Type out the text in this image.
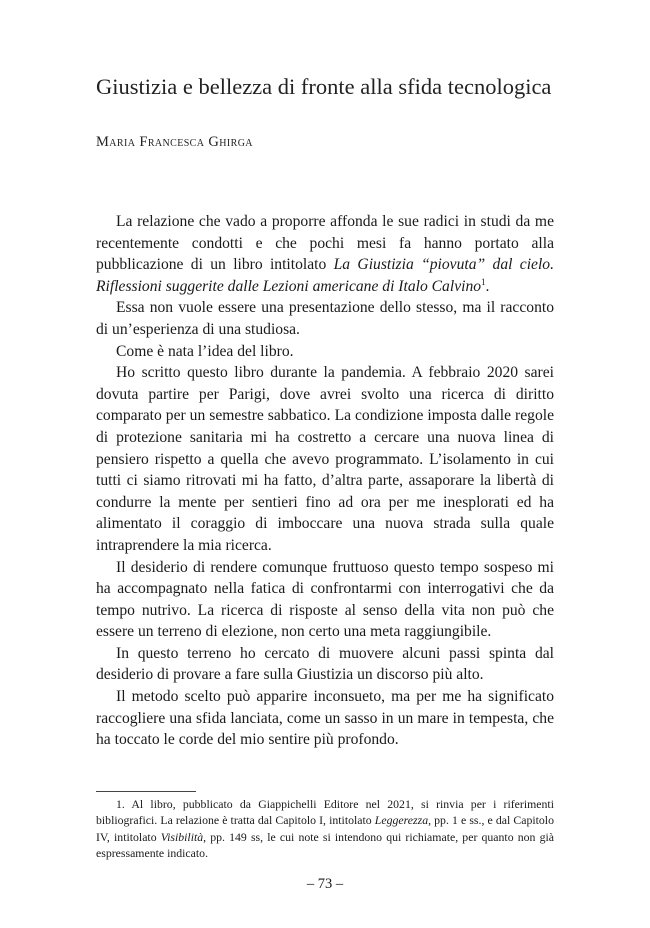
Giustizia e bellezza di fronte alla sfida tecnologica
Maria Francesca Ghirga

La relazione che vado a proporre affonda le sue radici in studi da me recentemente condotti e che pochi mesi fa hanno portato alla pubblicazione di un libro intitolato La Giustizia “piovuta” dal cielo. Riflessioni suggerite dalle Lezioni americane di Italo Calvino$^1$.

Essa non vuole essere una presentazione dello stesso, ma il racconto di un’esperienza di una studiosa.

Come è nata l’idea del libro.

Ho scritto questo libro durante la pandemia. A febbraio 2020 sarei dovuta partire per Parigi, dove avrei svolto una ricerca di diritto comparato per un semestre sabbatico. La condizione imposta dalle regole di protezione sanitaria mi ha costretto a cercare una nuova linea di pensiero rispetto a quella che avevo programmato. L’isolamento in cui tutti ci siamo ritrovati mi ha fatto, d’altra parte, assaporare la libertà di condurre la mente per sentieri fino ad ora per me inesplorati ed ha alimentato il coraggio di imboccare una nuova strada sulla quale intraprendere la mia ricerca.

Il desiderio di rendere comunque fruttuoso questo tempo sospeso mi ha accompagnato nella fatica di confrontarmi con interrogativi che da tempo nutrivo. La ricerca di risposte al senso della vita non può che essere un terreno di elezione, non certo una meta raggiungibile.

In questo terreno ho cercato di muovere alcuni passi spinta dal desiderio di provare a fare sulla Giustizia un discorso più alto.

Il metodo scelto può apparire inconsueto, ma per me ha significato raccogliere una sfida lanciata, come un sasso in un mare in tempesta, che ha toccato le corde del mio sentire più profondo.

1. Al libro, pubblicato da Giappichelli Editore nel 2021, si rinvia per i riferimenti bibliografici. La relazione è tratta dal Capitolo I, intitolato Leggerezza, pp. 1 e ss., e dal Capitolo IV, intitolato Visibilità, pp. 149 ss, le cui note si intendono qui richiamate, per quanto non già espressamente indicato.
– 73 –
